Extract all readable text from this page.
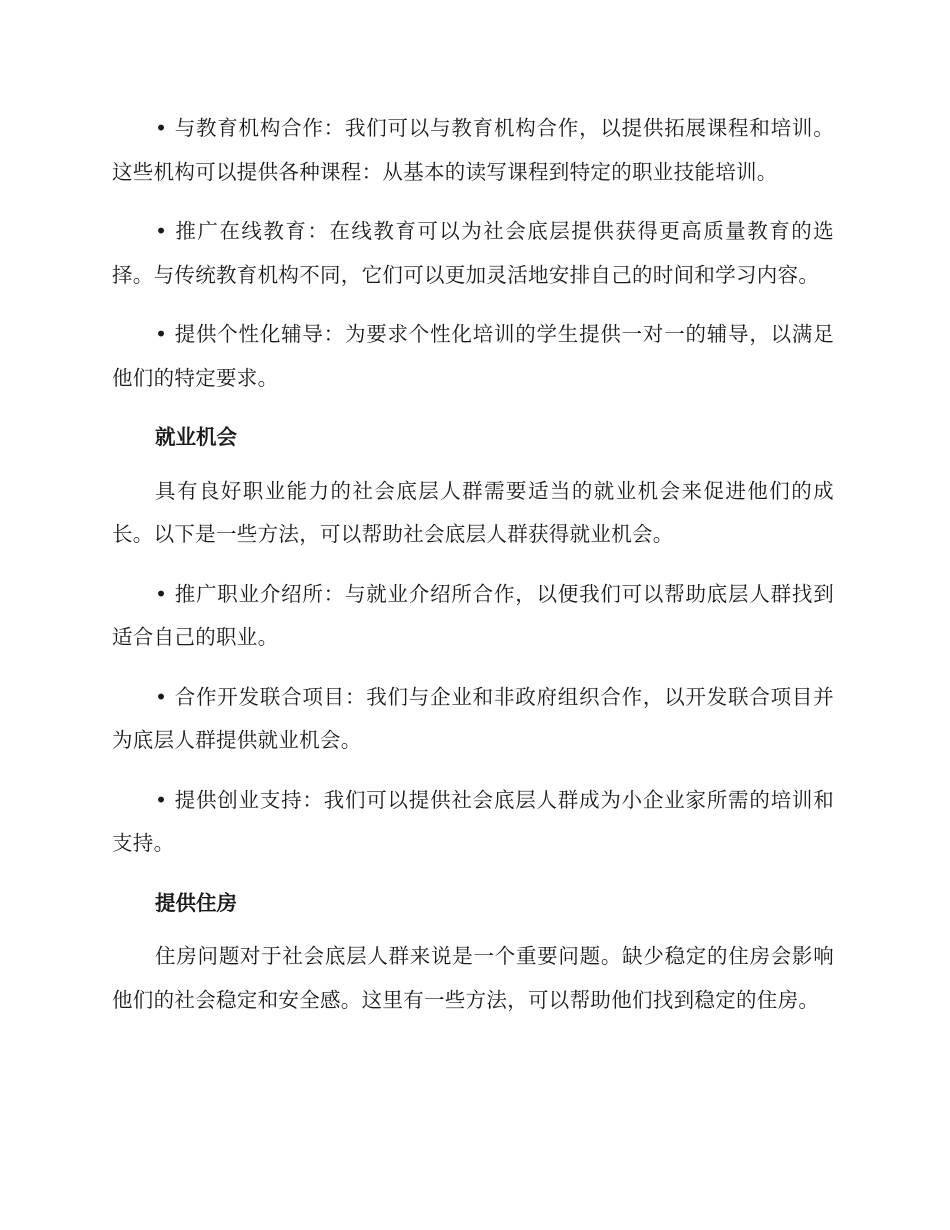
• 与教育机构合作：我们可以与教育机构合作，以提供拓展课程和培训。这些机构可以提供各种课程：从基本的读写课程到特定的职业技能培训。

• 推广在线教育：在线教育可以为社会底层提供获得更高质量教育的选择。与传统教育机构不同，它们可以更加灵活地安排自己的时间和学习内容。

• 提供个性化辅导：为要求个性化培训的学生提供一对一的辅导，以满足他们的特定要求。

就业机会

具有良好职业能力的社会底层人群需要适当的就业机会来促进他们的成长。以下是一些方法，可以帮助社会底层人群获得就业机会。

• 推广职业介绍所：与就业介绍所合作，以便我们可以帮助底层人群找到适合自己的职业。

• 合作开发联合项目：我们与企业和非政府组织合作，以开发联合项目并为底层人群提供就业机会。

• 提供创业支持：我们可以提供社会底层人群成为小企业家所需的培训和支持。

提供住房

住房问题对于社会底层人群来说是一个重要问题。缺少稳定的住房会影响他们的社会稳定和安全感。这里有一些方法，可以帮助他们找到稳定的住房。
